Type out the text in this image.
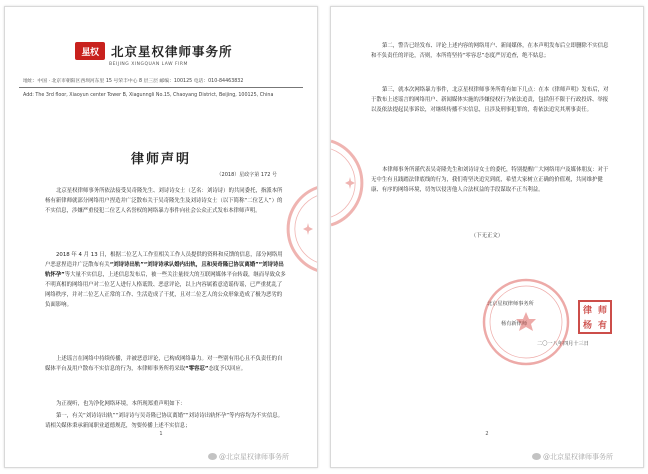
星权	北京星权律师事务所
BEIJING XINGQUAN LAW FIRM
地址：中国 · 北京市朝阳区西坝河东里 15 号荣丰中心 8 层三层 邮编：100125 电话：010-84463832
Add: The 3rd floor, Xiaoyun center Tower B, Xiagunngli No.15, Chaoyang District, Beijing, 100125, China
律师声明
（2018）星政字第 172 号
北京星权律师事务所依法接受吴奇隆先生、刘诗诗女士（艺名：刘诗诗）的共同委托，指派本所杨有新律师就部分网络用户捏造并广泛散布关于吴奇隆先生及刘诗诗女士（以下简称“二位艺人”）的不实信息，涉嫌严重侵犯二位艺人名誉权的网络暴力事件向社会公众正式发布本律师声明。
2018 年 4 月 13 日，根据二位艺人工作室相关工作人员提供的资料和反馈的信息，部分网络用户恶意捏造并广泛散布有关“刘诗诗出轨”“刘诗诗承认婚内出轨，且和吴奇隆已协议离婚”“刘诗诗出轨怀孕”等大量不实信息，上述信息发布后，被一些关注量较大的互联网媒体平台转载，继而导致众多不明真相的网络用户对二位艺人进行人格诋毁、恶意评论，以上内容属蓄意造谣传谣，已严重扰乱了网络秩序，并对二位艺人正常的工作、生活造成了干扰，且对二位艺人的公众形象造成了极为恶劣的负面影响。
上述谣言在网络中持续传播，并被恶意评论，已构成网络暴力。对一些别有用心且不负责任的自媒体平台及用户散布不实信息的行为，本律师事务所将采取“零容忍”态度予以回应。
为正视听，也为净化网络环境，本所现郑重声明如下：
第一，有关“刘诗诗出轨”“刘诗诗与吴奇隆已协议离婚”“刘诗诗出轨怀孕”等内容均为不实信息。请相关媒体秉承新闻职业道德规范，勿要传播上述不实信息；
1
第二，警告已经发布、评论上述内容的网络用户、新闻媒体，在本声明发布后立即删除不实信息和不负责任的评论，否则，本所将坚持“零容忍”态度严厉追查，绝不姑息；
第三，就本次网络暴力事件，北京星权律师事务所将有如下几点：在本《律师声明》发布后，对于散布上述谣言的网络用户、新闻媒体实施的涉嫌侵权行为依法追责，包括但不限于行政投诉、举报以及依法提起民事诉讼，对继续传播不实信息，且涉及刑事犯罪的，将依法追究其刑事责任。
本律师事务所谨代表吴奇隆先生和刘诗诗女士的委托，特别提醒广大网络用户及媒体朋友：对于无中生有且践踏法律底线的行为，我们将坚决追究到底，希望大家树立正确的价值观，共同维护健康、有序的网络环境，切勿以侵害他人合法权益的手段谋取不正当利益。
（下无正文）
北京星权律师事务所
杨有新律师
二〇一八年四月十三日
律 师
杨 有
2
@北京星权律师事务所	@北京星权律师事务所
